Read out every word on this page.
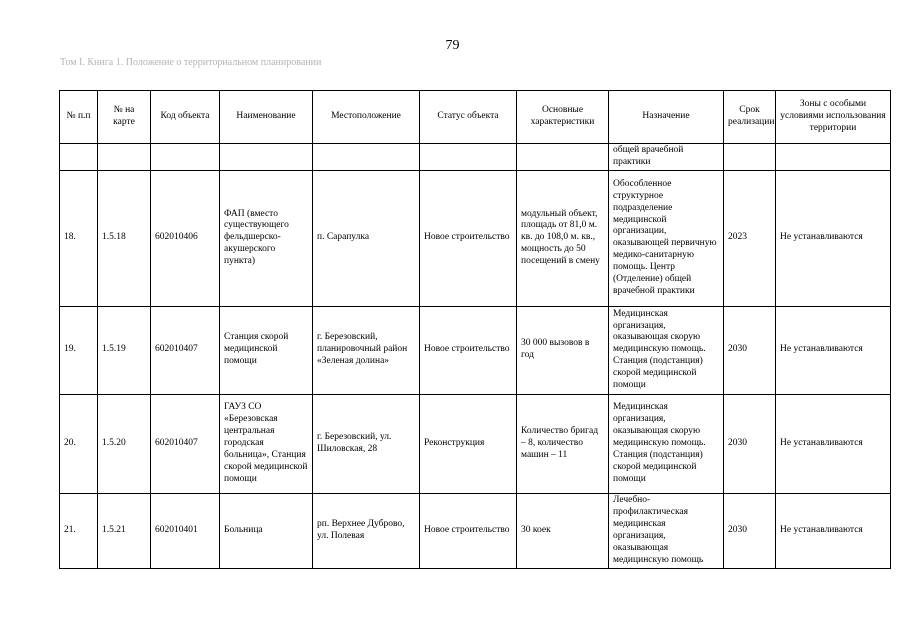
79
Том I. Книга 1. Положение о территориальном планировании
№ п.п	№ на карте	Код объекта	Наименование	Местоположение	Статус объекта	Основные характеристики	Назначение	Срок реализации	Зоны с особыми условиями использования территории
							общей врачебной практики		
18.	1.5.18	602010406	ФАП (вместо существующего фельдшерско-акушерского пункта)	п. Сарапулка	Новое строительство	модульный объект, площадь от 81,0 м. кв. до 108,0 м. кв., мощность до 50 посещений в смену	Обособленное структурное подразделение медицинской организации, оказывающей первичную медико-санитарную помощь. Центр (Отделение) общей врачебной практики	2023	Не устанавливаются
19.	1.5.19	602010407	Станция скорой медицинской помощи	г. Березовский, планировочный район «Зеленая долина»	Новое строительство	30 000 вызовов в год	Медицинская организация, оказывающая скорую медицинскую помощь. Станция (подстанция) скорой медицинской помощи	2030	Не устанавливаются
20.	1.5.20	602010407	ГАУЗ СО «Березовская центральная городская больница», Станция скорой медицинской помощи	г. Березовский, ул. Шиловская, 28	Реконструкция	Количество бригад – 8, количество машин – 11	Медицинская организация, оказывающая скорую медицинскую помощь. Станция (подстанция) скорой медицинской помощи	2030	Не устанавливаются
21.	1.5.21	602010401	Больница	рп. Верхнее Дуброво, ул. Полевая	Новое строительство	30 коек	Лечебно-профилактическая медицинская организация, оказывающая медицинскую помощь	2030	Не устанавливаются
